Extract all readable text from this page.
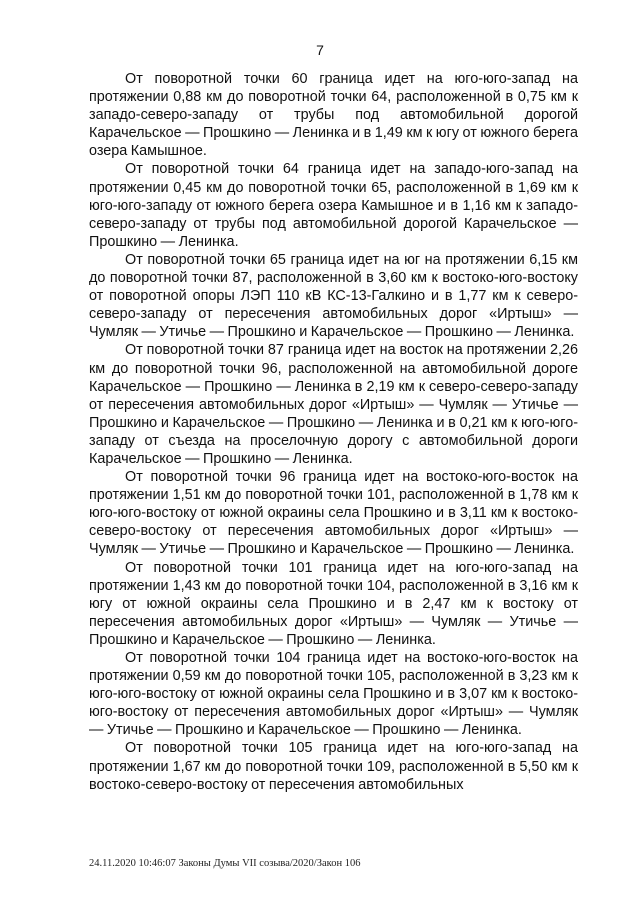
7

От поворотной точки 60 граница идет на юго-юго-запад на протяжении 0,88 км до поворотной точки 64, расположенной в 0,75 км к западо-северо-западу от трубы под автомобильной дорогой Карачельское — Прошкино — Ленинка и в 1,49 км к югу от южного берега озера Камышное.

От поворотной точки 64 граница идет на западо-юго-запад на протяжении 0,45 км до поворотной точки 65, расположенной в 1,69 км к юго-юго-западу от южного берега озера Камышное и в 1,16 км к западо-северо-западу от трубы под автомобильной дорогой Карачельское — Прошкино — Ленинка.

От поворотной точки 65 граница идет на юг на протяжении 6,15 км до поворотной точки 87, расположенной в 3,60 км к востоко-юго-востоку от поворотной опоры ЛЭП 110 кВ КС-13-Галкино и в 1,77 км к северо-северо-западу от пересечения автомобильных дорог «Иртыш» — Чумляк — Утичье — Прошкино и Карачельское — Прошкино — Ленинка.

От поворотной точки 87 граница идет на восток на протяжении 2,26 км до поворотной точки 96, расположенной на автомобильной дороге Карачельское — Прошкино — Ленинка в 2,19 км к северо-северо-западу от пересечения автомобильных дорог «Иртыш» — Чумляк — Утичье — Прошкино и Карачельское — Прошкино — Ленинка и в 0,21 км к юго-юго-западу от съезда на проселочную дорогу с автомобильной дороги Карачельское — Прошкино — Ленинка.

От поворотной точки 96 граница идет на востоко-юго-восток на протяжении 1,51 км до поворотной точки 101, расположенной в 1,78 км к юго-юго-востоку от южной окраины села Прошкино и в 3,11 км к востоко-северо-востоку от пересечения автомобильных дорог «Иртыш» — Чумляк — Утичье — Прошкино и Карачельское — Прошкино — Ленинка.

От поворотной точки 101 граница идет на юго-юго-запад на протяжении 1,43 км до поворотной точки 104, расположенной в 3,16 км к югу от южной окраины села Прошкино и в 2,47 км к востоку от пересечения автомобильных дорог «Иртыш» — Чумляк — Утичье — Прошкино и Карачельское — Прошкино — Ленинка.

От поворотной точки 104 граница идет на востоко-юго-восток на протяжении 0,59 км до поворотной точки 105, расположенной в 3,23 км к юго-юго-востоку от южной окраины села Прошкино и в 3,07 км к востоко-юго-востоку от пересечения автомобильных дорог «Иртыш» — Чумляк — Утичье — Прошкино и Карачельское — Прошкино — Ленинка.

От поворотной точки 105 граница идет на юго-юго-запад на протяжении 1,67 км до поворотной точки 109, расположенной в 5,50 км к востоко-северо-востоку от пересечения автомобильных

24.11.2020 10:46:07 Законы Думы VII созыва/2020/Закон 106
